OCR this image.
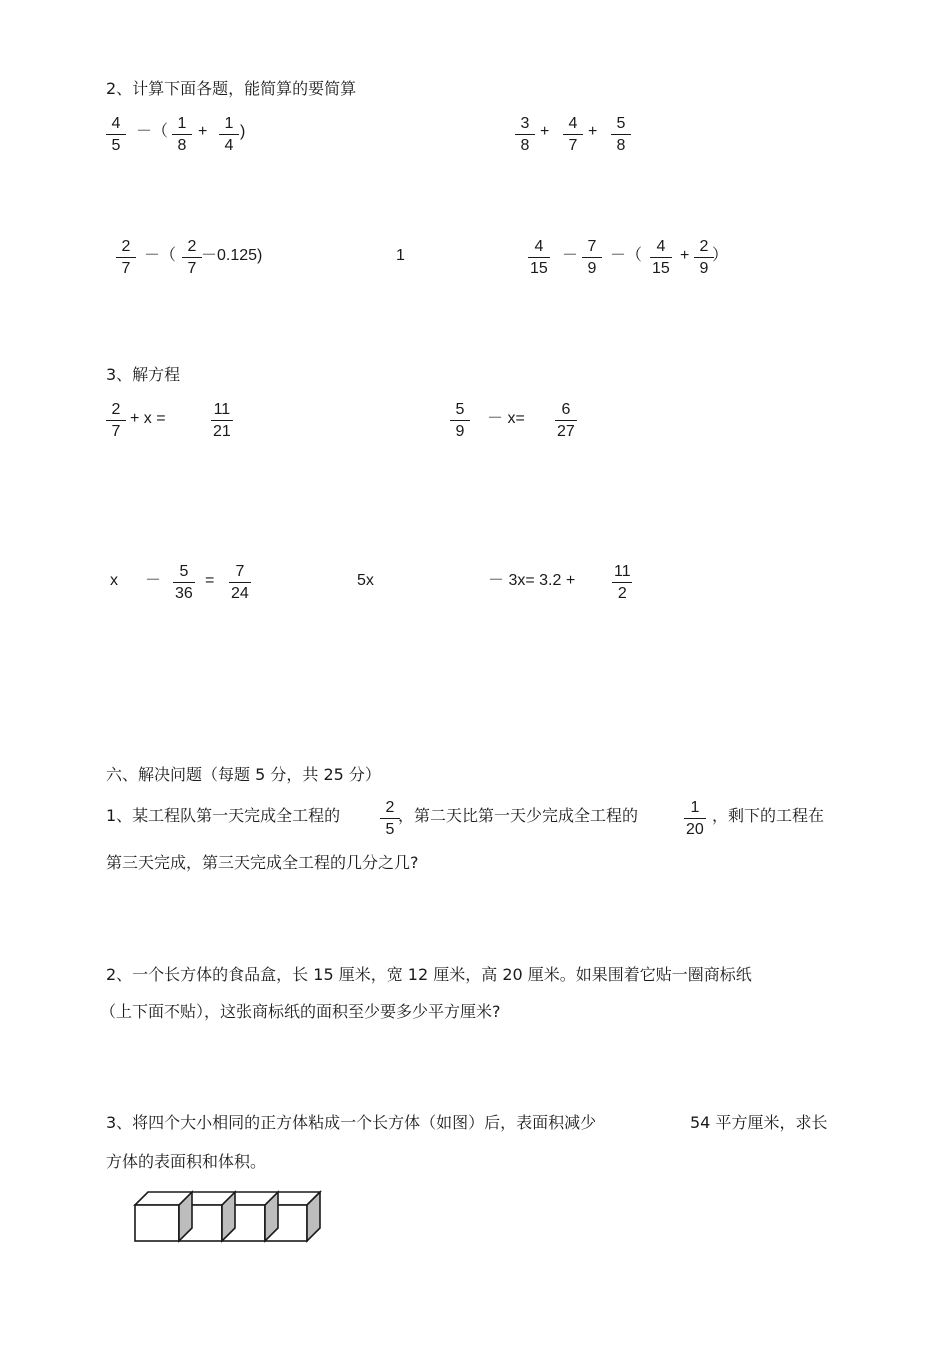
2、计算下面各题，能简算的要简算
$\frac{4}{5}$ －（ $\frac{1}{8} + \frac{1}{4}$ )	$\frac{3}{8} + \frac{4}{7} + \frac{5}{8}$
$\frac{2}{7}$ －（ $\frac{2}{7} -0.125$)	1	$\frac{4}{15} - \frac{7}{9}$ －（ $\frac{4}{15} + \frac{2}{9}$
）
3、解方程
$\frac{2}{7} + x$ =	$\frac{11}{21}$	$\frac{5}{9} - x= \frac{6}{27}$
$x - \frac{5}{36} = \frac{7}{24}$	5x	－ $3x= 3.2 + \frac{11}{2}$
六、解决问题（每题 5 分，共 25 分）
1、某工程队第一天完成全工程的 $\frac{2}{5}$
，第二天比第一天少完成全工程的	$\frac{1}{20}$ ，剩下的工程在
第三天完成，第三天完成全工程的几分之几?
2、一个长方体的食品盒，长 15 厘米，宽 12 厘米，高 20 厘米。如果围着它贴一圈商标纸
（上下面不贴），这张商标纸的面积至少要多少平方厘米?
3、将四个大小相同的正方体粘成一个长方体（如图）后，表面积减少	54 平方厘米，求长
方体的表面积和体积。
